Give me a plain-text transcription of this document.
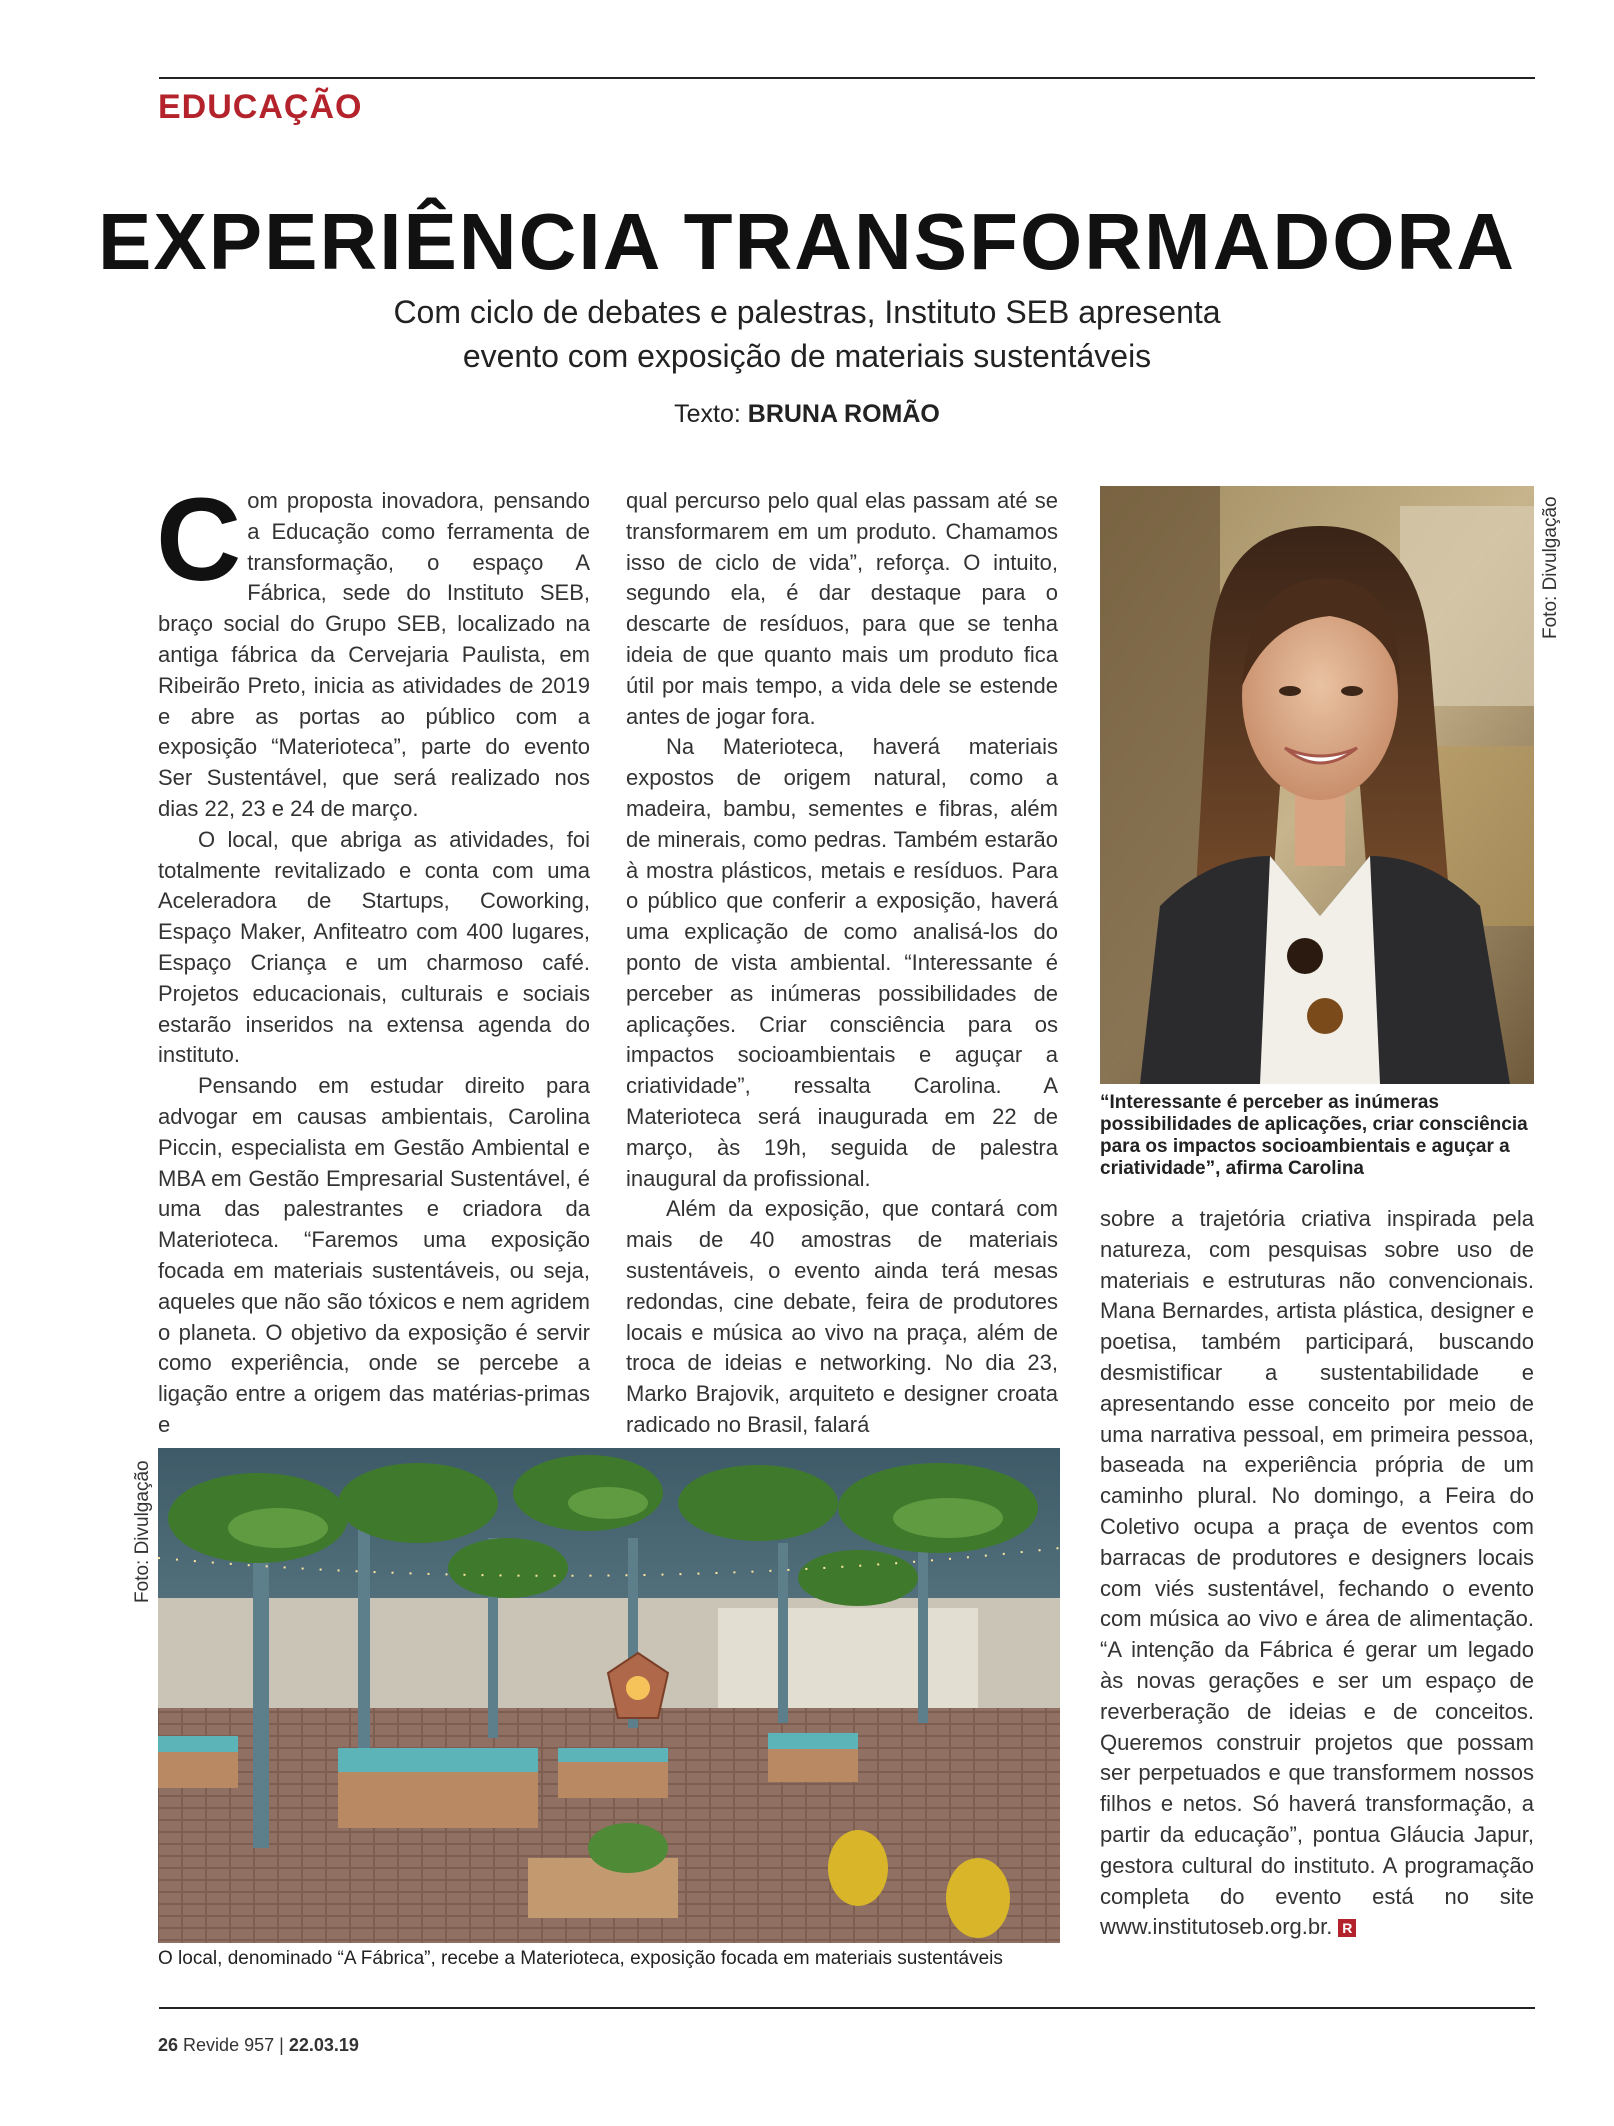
EDUCAÇÃO
EXPERIÊNCIA TRANSFORMADORA
Com ciclo de debates e palestras, Instituto SEB apresenta
evento com exposição de materiais sustentáveis
Texto: BRUNA ROMÃO

Com proposta inovadora, pensando a Educação como ferramenta de transformação, o espaço A Fábrica, sede do Instituto SEB, braço social do Grupo SEB, localizado na antiga fábrica da Cervejaria Paulista, em Ribeirão Preto, inicia as atividades de 2019 e abre as portas ao público com a exposição “Materioteca”, parte do evento Ser Sustentável, que será realizado nos dias 22, 23 e 24 de março.

O local, que abriga as atividades, foi totalmente revitalizado e conta com uma Aceleradora de Startups, Coworking, Espaço Maker, Anfiteatro com 400 lugares, Espaço Criança e um charmoso café. Projetos educacionais, culturais e sociais estarão inseridos na extensa agenda do instituto.

Pensando em estudar direito para advogar em causas ambientais, Carolina Piccin, especialista em Gestão Ambiental e MBA em Gestão Empresarial Sustentável, é uma das palestrantes e criadora da Materioteca. “Faremos uma exposição focada em materiais sustentáveis, ou seja, aqueles que não são tóxicos e nem agridem o planeta. O objetivo da exposição é servir como experiência, onde se percebe a ligação entre a origem das matérias-primas e

qual percurso pelo qual elas passam até se transformarem em um produto. Chamamos isso de ciclo de vida”, reforça. O intuito, segundo ela, é dar destaque para o descarte de resíduos, para que se tenha ideia de que quanto mais um produto fica útil por mais tempo, a vida dele se estende antes de jogar fora.

Na Materioteca, haverá materiais expostos de origem natural, como a madeira, bambu, sementes e fibras, além de minerais, como pedras. Também estarão à mostra plásticos, metais e resíduos. Para o público que conferir a exposição, haverá uma explicação de como analisá-los do ponto de vista ambiental. “Interessante é perceber as inúmeras possibilidades de aplicações. Criar consciência para os impactos socioambientais e aguçar a criatividade”, ressalta Carolina. A Materioteca será inaugurada em 22 de março, às 19h, seguida de palestra inaugural da profissional.

Além da exposição, que contará com mais de 40 amostras de materiais sustentáveis, o evento ainda terá mesas redondas, cine debate, feira de produtores locais e música ao vivo na praça, além de troca de ideias e networking. No dia 23, Marko Brajovik, arquiteto e designer croata radicado no Brasil, falará

Foto: Divulgação
“Interessante é perceber as inúmeras possibilidades de aplicações, criar consciência para os impactos socioambientais e aguçar a criatividade”, afirma Carolina

sobre a trajetória criativa inspirada pela natureza, com pesquisas sobre uso de materiais e estruturas não convencionais. Mana Bernardes, artista plástica, designer e poetisa, também participará, buscando desmistificar a sustentabilidade e apresentando esse conceito por meio de uma narrativa pessoal, em primeira pessoa, baseada na experiência própria de um caminho plural. No domingo, a Feira do Coletivo ocupa a praça de eventos com barracas de produtores e designers locais com viés sustentável, fechando o evento com música ao vivo e área de alimentação. “A intenção da Fábrica é gerar um legado às novas gerações e ser um espaço de reverberação de ideias e de conceitos. Queremos construir projetos que possam ser perpetuados e que transformem nossos filhos e netos. Só haverá transformação, a partir da educação”, pontua Gláucia Japur, gestora cultural do instituto. A programação completa do evento está no site www.institutoseb.org.br. R

Foto: Divulgação
O local, denominado “A Fábrica”, recebe a Materioteca, exposição focada em materiais sustentáveis
26 Revide 957 | 22.03.19
